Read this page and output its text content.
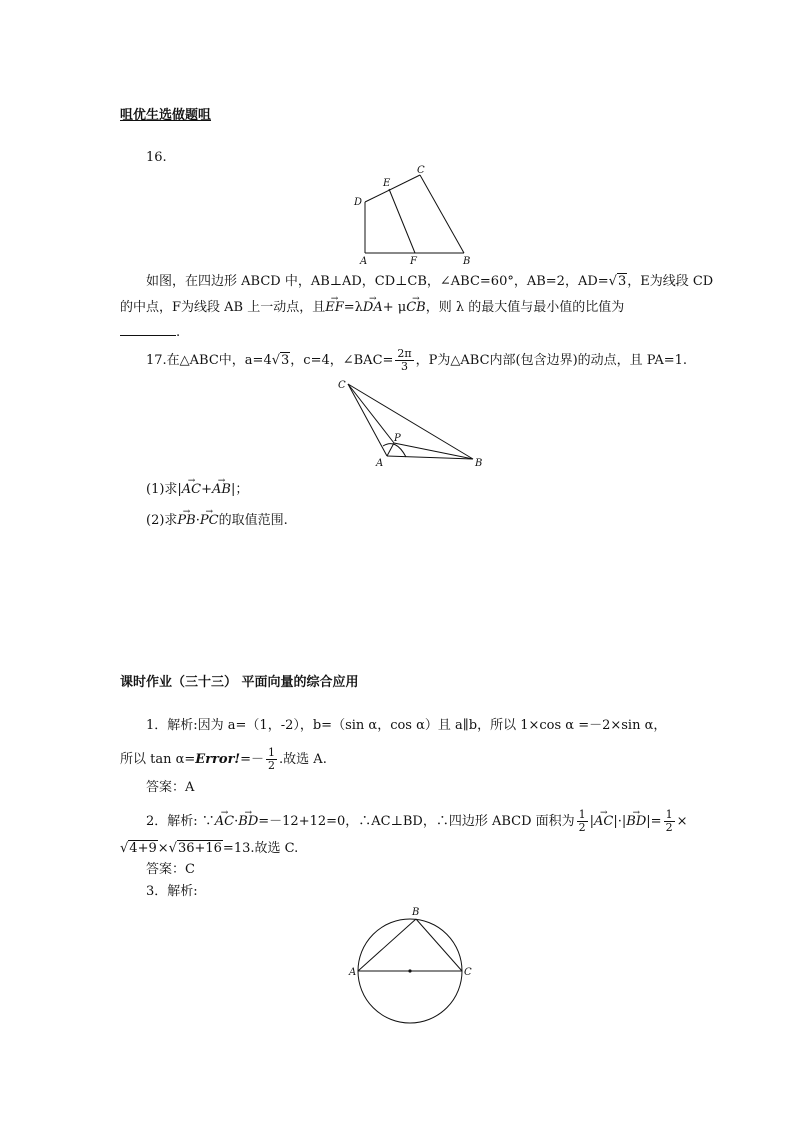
咀优生选做题咀
16.
A	B
C
D
E
F
如图，在四边形 ABCD 中，AB⊥AD，CD⊥CB，∠ABC=60°，AB=2，AD=√3，E为线段 CD
的中点，F为线段 AB 上一动点，且→ EF=λ→ DA+ μ→ CB，则 λ 的最大值与最小值的比值为
.
17.在△ABC中，a=4√3，c=4，∠BAC= $\frac{2\pi}{3}$ ，P为△ABC内部(包含边界)的动点，且 PA=1.
C
P
A	B
(1)求|→ AC+→ AB|；
(2)求→ PB·→ PC的取值范围.
课时作业（三十三） 平面向量的综合应用
1．解析:因为 a=（1，-2），b=（sin α，cos α）且 a∥b，所以 1×cos α =－2×sin α，
所以 tan α=Error!=－ $\frac{1}{2}$ .故选 A.
答案：A
2．解析: ∵→ AC·→ BD=－12+12=0，∴AC⊥BD，∴四边形 ABCD 面积为 $\frac{1}{2}$ |→ $AC|\cdot|\to BD|= \frac{1}{2}$ ×
√4+9×√36+16=13.故选 C.
答案：C
3．解析:
B
A	C
